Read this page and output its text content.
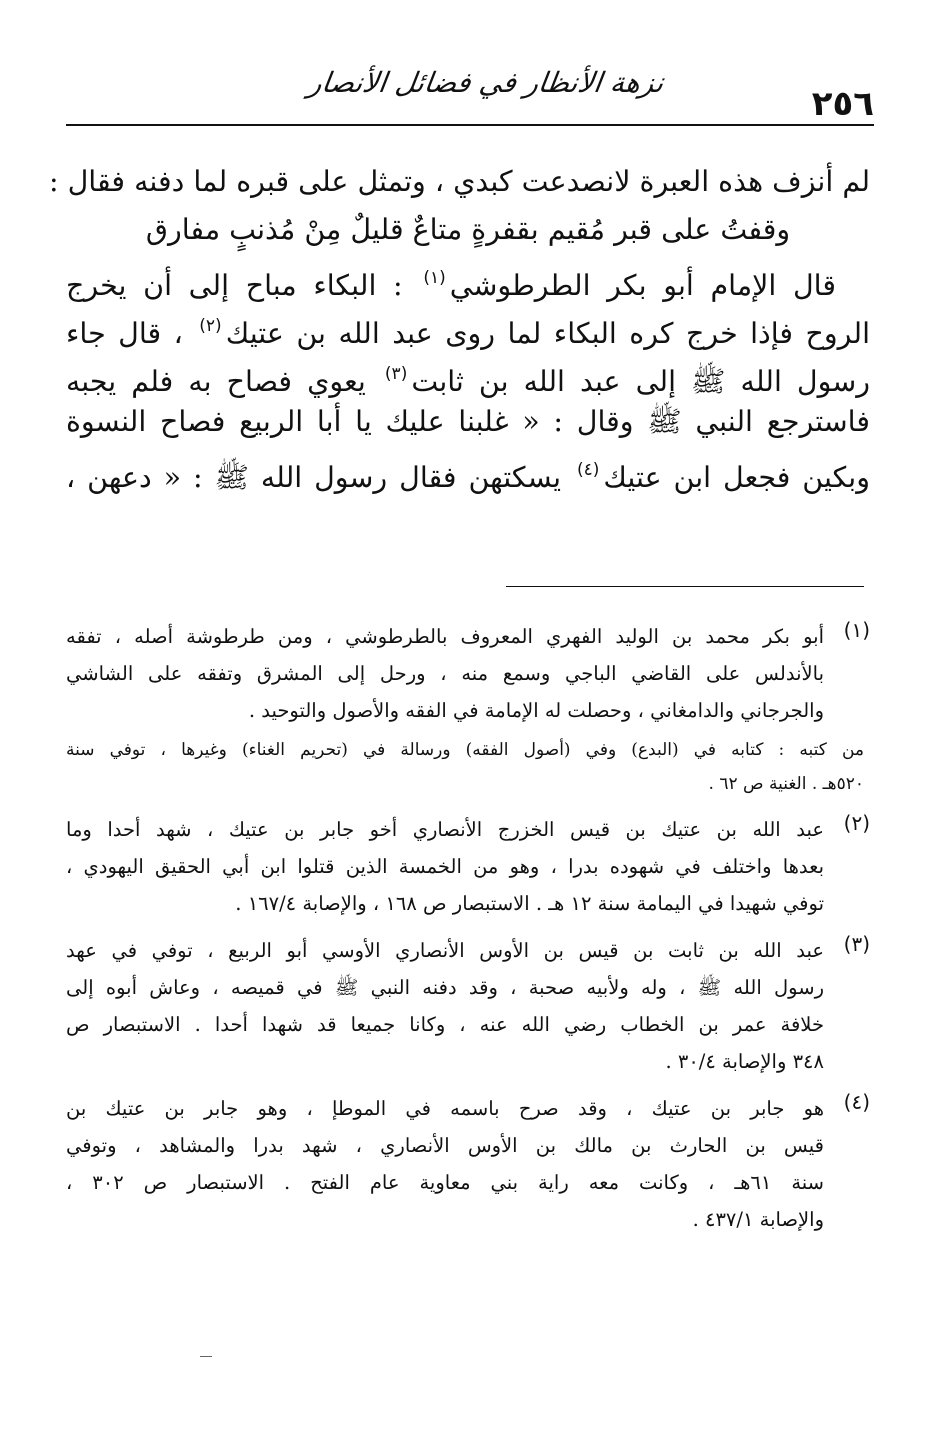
٢٥٦
نزهة الأنظار في فضائل الأنصار
لم أنزف هذه العبرة لانصدعت كبدي ، وتمثل على قبره لما دفنه فقال :
وقفتُ على قبر مُقيم بقفرةٍ متاعٌ قليلٌ مِنْ مُذنبٍ مفارق
قال الإمام أبو بكر الطرطوشي$^{(١)}$ : البكاء مباح إلى أن يخرج
الروح فإذا خرج كره البكاء لما روى عبد الله بن عتيك$^{(٢)}$ ، قال جاء
رسول الله ﷺ إلى عبد الله بن ثابت$^{(٣)}$ يعوي فصاح به فلم يجبه
فاسترجع النبي ﷺ وقال : « غلبنا عليك يا أبا الربيع فصاح النسوة
وبكين فجعل ابن عتيك$^{(٤)}$ يسكتهن فقال رسول الله ﷺ : « دعهن ،
(١)
أبو بكر محمد بن الوليد الفهري المعروف بالطرطوشي ، ومن طرطوشة أصله ، تفقه
بالأندلس على القاضي الباجي وسمع منه ، ورحل إلى المشرق وتفقه على الشاشي
والجرجاني والدامغاني ، وحصلت له الإمامة في الفقه والأصول والتوحيد .
من كتبه : كتابه في (البدع) وفي (أصول الفقه) ورسالة في (تحريم الغناء) وغيرها ، توفي سنة
٥٢٠هـ . الغنية ص ٦٢ .
(٢)
عبد الله بن عتيك بن قيس الخزرج الأنصاري أخو جابر بن عتيك ، شهد أحدا وما
بعدها واختلف في شهوده بدرا ، وهو من الخمسة الذين قتلوا ابن أبي الحقيق اليهودي ،
توفي شهيدا في اليمامة سنة ١٢ هـ . الاستبصار ص ١٦٨ ، والإصابة ١٦٧/٤ .
(٣)
عبد الله بن ثابت بن قيس بن الأوس الأنصاري الأوسي أبو الربيع ، توفي في عهد
رسول الله ﷺ ، وله ولأبيه صحبة ، وقد دفنه النبي ﷺ في قميصه ، وعاش أبوه إلى
خلافة عمر بن الخطاب رضي الله عنه ، وكانا جميعا قد شهدا أحدا . الاستبصار ص
٣٤٨ والإصابة ٣٠/٤ .
(٤)
هو جابر بن عتيك ، وقد صرح باسمه في الموطإ ، وهو جابر بن عتيك بن
قيس بن الحارث بن مالك بن الأوس الأنصاري ، شهد بدرا والمشاهد ، وتوفي
سنة ٦١هـ ، وكانت معه راية بني معاوية عام الفتح . الاستبصار ص ٣٠٢ ،
والإصابة ٤٣٧/١ .
